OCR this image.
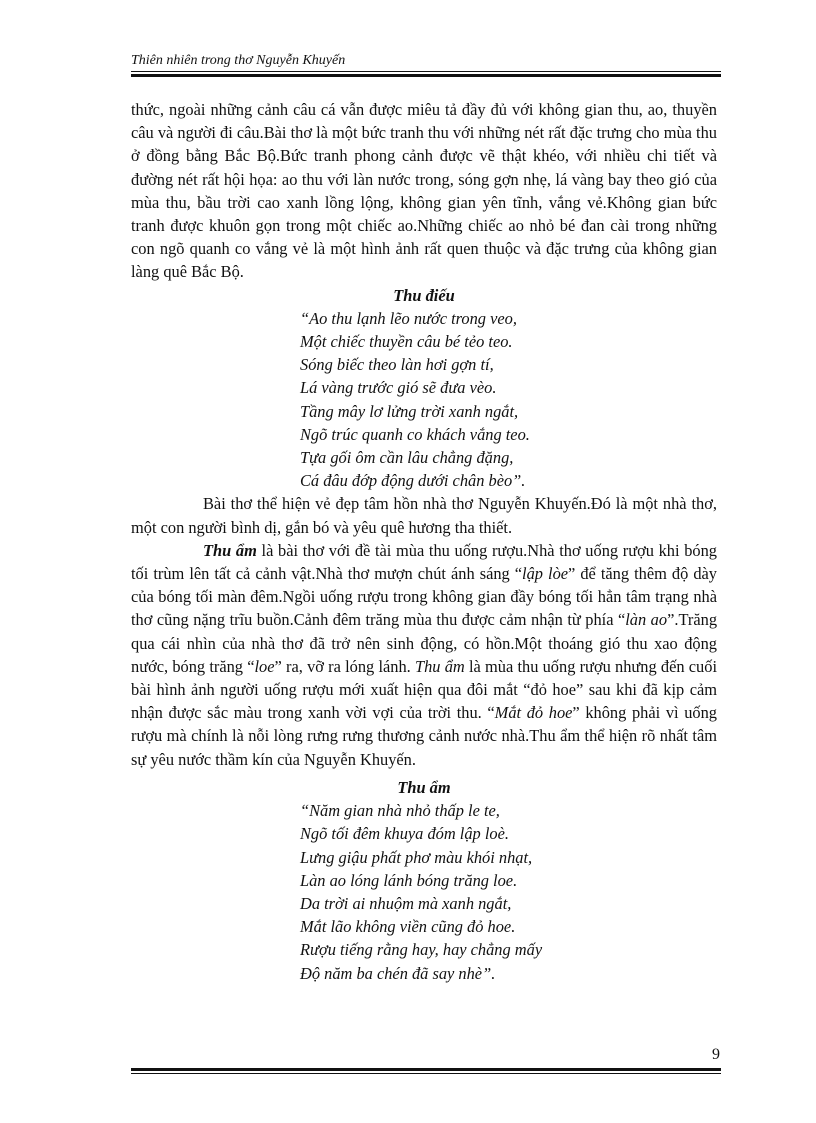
Thiên nhiên trong thơ Nguyễn Khuyến

thức, ngoài những cảnh câu cá vẫn được miêu tả đầy đủ với không gian thu, ao, thuyền câu và người đi câu.Bài thơ là một bức tranh thu với những nét rất đặc trưng cho mùa thu ở đồng bằng Bắc Bộ.Bức tranh phong cảnh được vẽ thật khéo, với nhiều chi tiết và đường nét rất hội họa: ao thu với làn nước trong, sóng gợn nhẹ, lá vàng bay theo gió của mùa thu, bầu trời cao xanh lồng lộng, không gian yên tĩnh, vắng vẻ.Không gian bức tranh được khuôn gọn trong một chiếc ao.Những chiếc ao nhỏ bé đan cài trong những con ngõ quanh co vắng vẻ là một hình ảnh rất quen thuộc và đặc trưng của không gian làng quê Bắc Bộ.

Thu điếu

“Ao thu lạnh lẽo nước trong veo,
Một chiếc thuyền câu bé tẻo teo.
Sóng biếc theo làn hơi gợn tí,
Lá vàng trước gió sẽ đưa vèo.
Tầng mây lơ lửng trời xanh ngắt,
Ngõ trúc quanh co khách vắng teo.
Tựa gối ôm cần lâu chẳng đặng,
Cá đâu đớp động dưới chân bèo”.

Bài thơ thể hiện vẻ đẹp tâm hồn nhà thơ Nguyễn Khuyến.Đó là một nhà thơ, một con người bình dị, gắn bó và yêu quê hương tha thiết.

Thu ẩm là bài thơ với đề tài mùa thu uống rượu.Nhà thơ uống rượu khi bóng tối trùm lên tất cả cảnh vật.Nhà thơ mượn chút ánh sáng “lập lòe” để tăng thêm độ dày của bóng tối màn đêm.Ngồi uống rượu trong không gian đầy bóng tối hẳn tâm trạng nhà thơ cũng nặng trĩu buồn.Cảnh đêm trăng mùa thu được cảm nhận từ phía “làn ao”.Trăng qua cái nhìn của nhà thơ đã trở nên sinh động, có hồn.Một thoáng gió thu xao động nước, bóng trăng “loe” ra, vỡ ra lóng lánh. Thu ẩm là mùa thu uống rượu nhưng đến cuối bài hình ảnh người uống rượu mới xuất hiện qua đôi mắt “đỏ hoe” sau khi đã kịp cảm nhận được sắc màu trong xanh vời vợi của trời thu. “Mắt đỏ hoe” không phải vì uống rượu mà chính là nỗi lòng rưng rưng thương cảnh nước nhà.Thu ẩm thể hiện rõ nhất tâm sự yêu nước thầm kín của Nguyễn Khuyến.

Thu ẩm

“Năm gian nhà nhỏ thấp le te,
Ngõ tối đêm khuya đóm lập loè.
Lưng giậu phất phơ màu khói nhạt,
Làn ao lóng lánh bóng trăng loe.
Da trời ai nhuộm mà xanh ngắt,
Mắt lão không viền cũng đỏ hoe.
Rượu tiếng rằng hay, hay chẳng mấy
Độ năm ba chén đã say nhè”.
9
